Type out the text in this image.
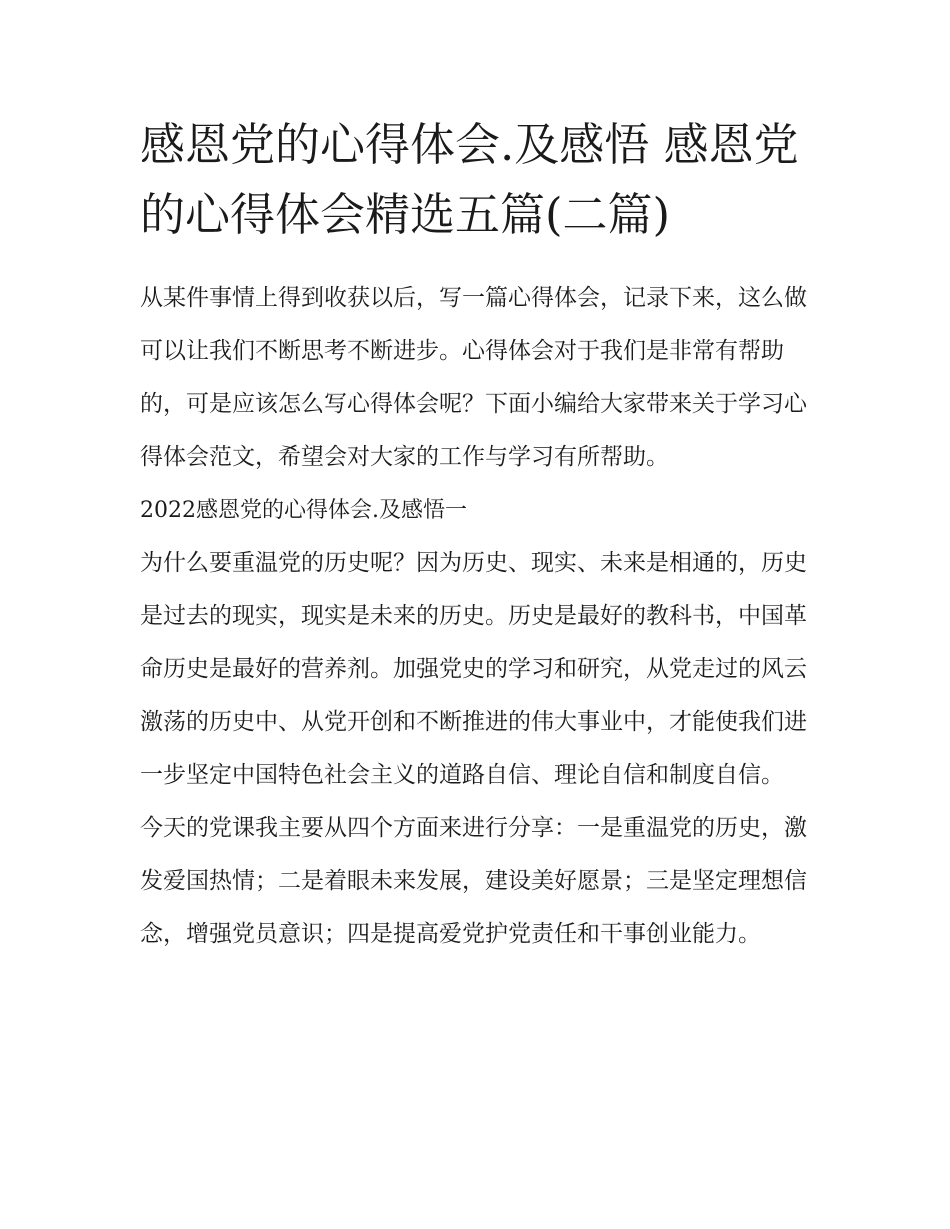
感恩党的心得体会.及感悟 感恩党的心得体会精选五篇(二篇)

从某件事情上得到收获以后，写一篇心得体会，记录下来，这么做可以让我们不断思考不断进步。心得体会对于我们是非常有帮助的，可是应该怎么写心得体会呢？下面小编给大家带来关于学习心得体会范文，希望会对大家的工作与学习有所帮助。

2022感恩党的心得体会.及感悟一

为什么要重温党的历史呢？因为历史、现实、未来是相通的，历史是过去的现实，现实是未来的历史。历史是最好的教科书，中国革命历史是最好的营养剂。加强党史的学习和研究，从党走过的风云激荡的历史中、从党开创和不断推进的伟大事业中，才能使我们进一步坚定中国特色社会主义的道路自信、理论自信和制度自信。

今天的党课我主要从四个方面来进行分享：一是重温党的历史，激发爱国热情；二是着眼未来发展，建设美好愿景；三是坚定理想信念，增强党员意识；四是提高爱党护党责任和干事创业能力。
